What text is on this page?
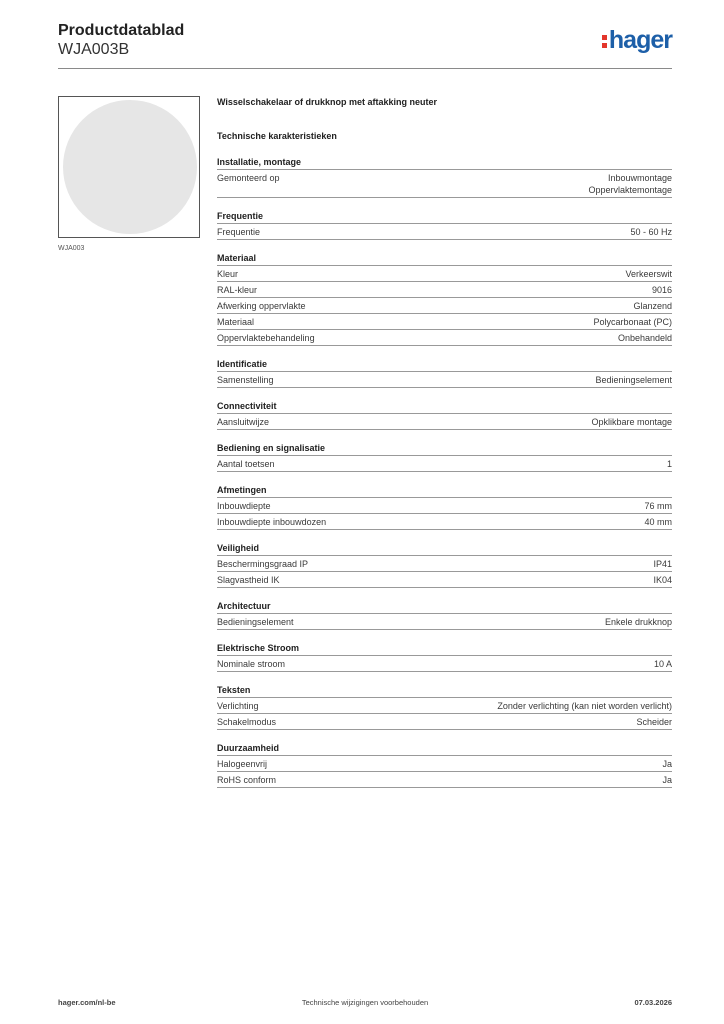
Productdatablad
WJA003B	hager
WJA003
Wisselschakelaar of drukknop met aftakking neuter
Technische karakteristieken
Installatie, montage
Gemonteerd op	Inbouwmontage
Oppervlaktemontage
Frequentie
Frequentie	50 - 60 Hz
Materiaal
Kleur	Verkeerswit
RAL-kleur	9016
Afwerking oppervlakte	Glanzend
Materiaal	Polycarbonaat (PC)
Oppervlaktebehandeling	Onbehandeld
Identificatie
Samenstelling	Bedieningselement
Connectiviteit
Aansluitwijze	Opklikbare montage
Bediening en signalisatie
Aantal toetsen	1
Afmetingen
Inbouwdiepte	76 mm
Inbouwdiepte inbouwdozen	40 mm
Veiligheid
Beschermingsgraad IP	IP41
Slagvastheid IK	IK04
Architectuur
Bedieningselement	Enkele drukknop
Elektrische Stroom
Nominale stroom	10 A
Teksten
Verlichting	Zonder verlichting (kan niet worden verlicht)
Schakelmodus	Scheider
Duurzaamheid
Halogeenvrij	Ja
RoHS conform	Ja
hager.com/nl-be	Technische wijzigingen voorbehouden	07.03.2026
